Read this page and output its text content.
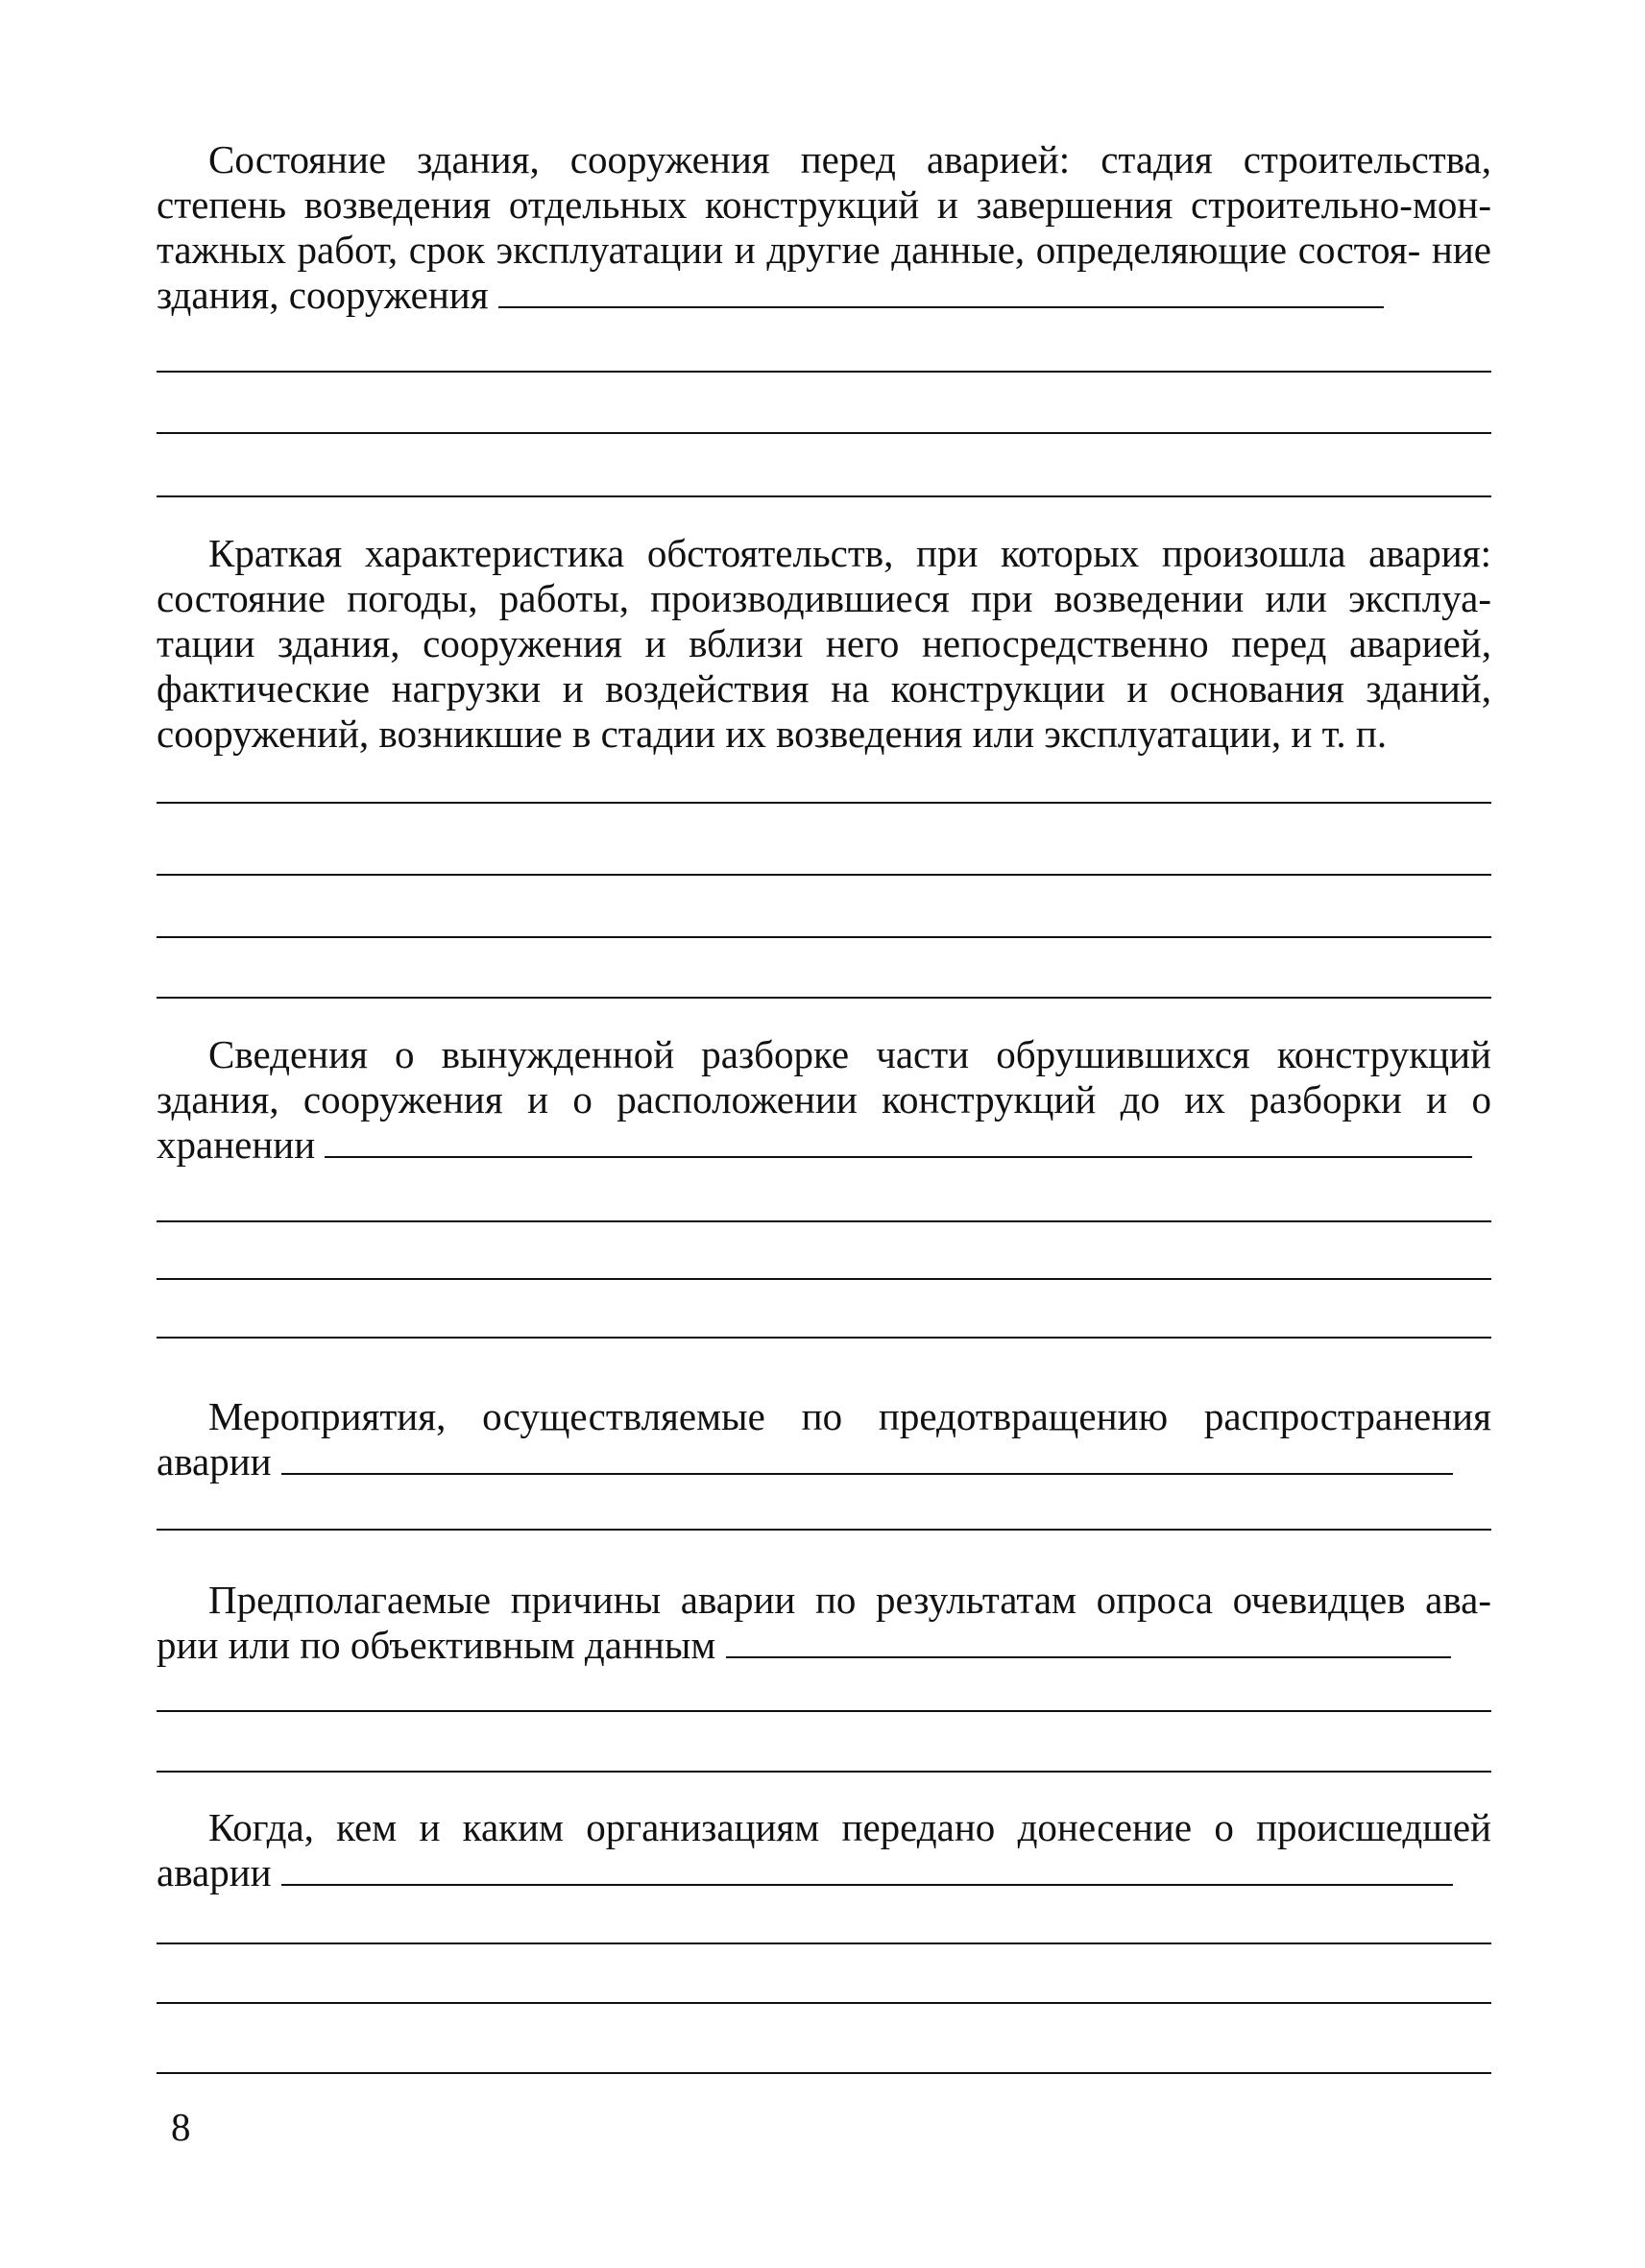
Состояние здания, сооружения перед аварией: стадия строительства, степень возведения отдельных конструкций и завершения строительно-мон- тажных работ, срок эксплуатации и другие данные, определяющие состоя- ние здания, сооружения

Краткая характеристика обстоятельств, при которых произошла авария: состояние погоды, работы, производившиеся при возведении или эксплуа- тации здания, сооружения и вблизи него непосредственно перед аварией, фактические нагрузки и воздействия на конструкции и основания зданий, сооружений, возникшие в стадии их возведения или эксплуатации, и т. п.

Сведения о вынужденной разборке части обрушившихся конструкций здания, сооружения и о расположении конструкций до их разборки и о хранении

Мероприятия, осуществляемые по предотвращению распространения аварии

Предполагаемые причины аварии по результатам опроса очевидцев ава- рии или по объективным данным

Когда, кем и каким организациям передано донесение о происшедшей аварии

8
